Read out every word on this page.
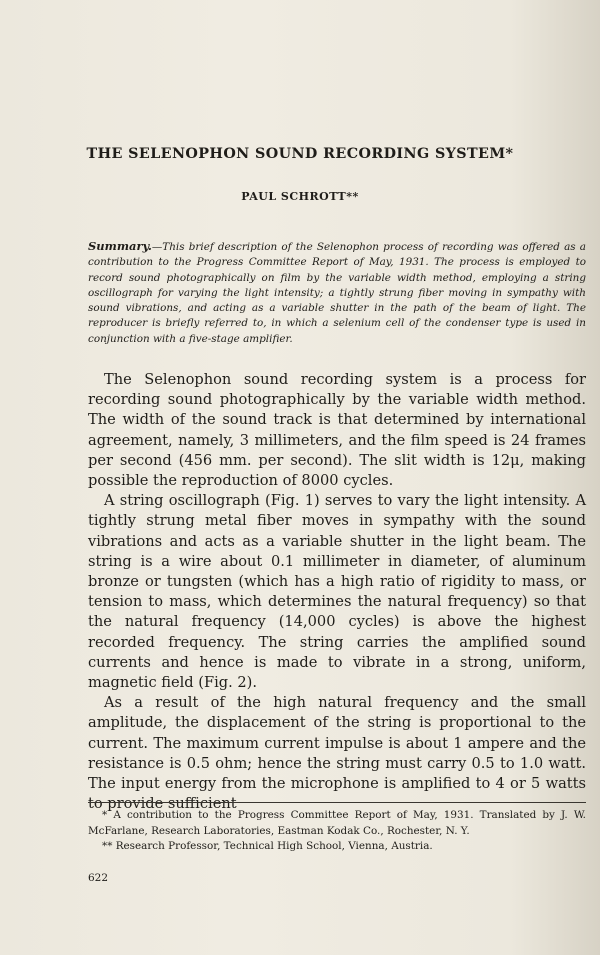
THE SELENOPHON SOUND RECORDING SYSTEM*
PAUL SCHROTT**
Summary.—This brief description of the Selenophon process of recording was offered as a contribution to the Progress Committee Report of May, 1931. The process is employed to record sound photographically on film by the variable width method, employing a string oscillograph for varying the light intensity; a tightly strung fiber moving in sympathy with sound vibrations, and acting as a variable shutter in the path of the beam of light. The reproducer is briefly referred to, in which a selenium cell of the condenser type is used in conjunction with a five-stage amplifier.

The Selenophon sound recording system is a process for recording sound photographically by the variable width method. The width of the sound track is that determined by international agreement, namely, 3 millimeters, and the film speed is 24 frames per second (456 mm. per second). The slit width is 12μ, making possible the reproduction of 8000 cycles.

A string oscillograph (Fig. 1) serves to vary the light intensity. A tightly strung metal fiber moves in sympathy with the sound vibrations and acts as a variable shutter in the light beam. The string is a wire about 0.1 millimeter in diameter, of aluminum bronze or tungsten (which has a high ratio of rigidity to mass, or tension to mass, which determines the natural frequency) so that the natural frequency (14,000 cycles) is above the highest recorded frequency. The string carries the amplified sound currents and hence is made to vibrate in a strong, uniform, magnetic field (Fig. 2).

As a result of the high natural frequency and the small amplitude, the displacement of the string is proportional to the current. The maximum current impulse is about 1 ampere and the resistance is 0.5 ohm; hence the string must carry 0.5 to 1.0 watt. The input energy from the microphone is amplified to 4 or 5 watts to provide sufficient

* A contribution to the Progress Committee Report of May, 1931. Translated by J. W. McFarlane, Research Laboratories, Eastman Kodak Co., Rochester, N. Y.

** Research Professor, Technical High School, Vienna, Austria.

622
